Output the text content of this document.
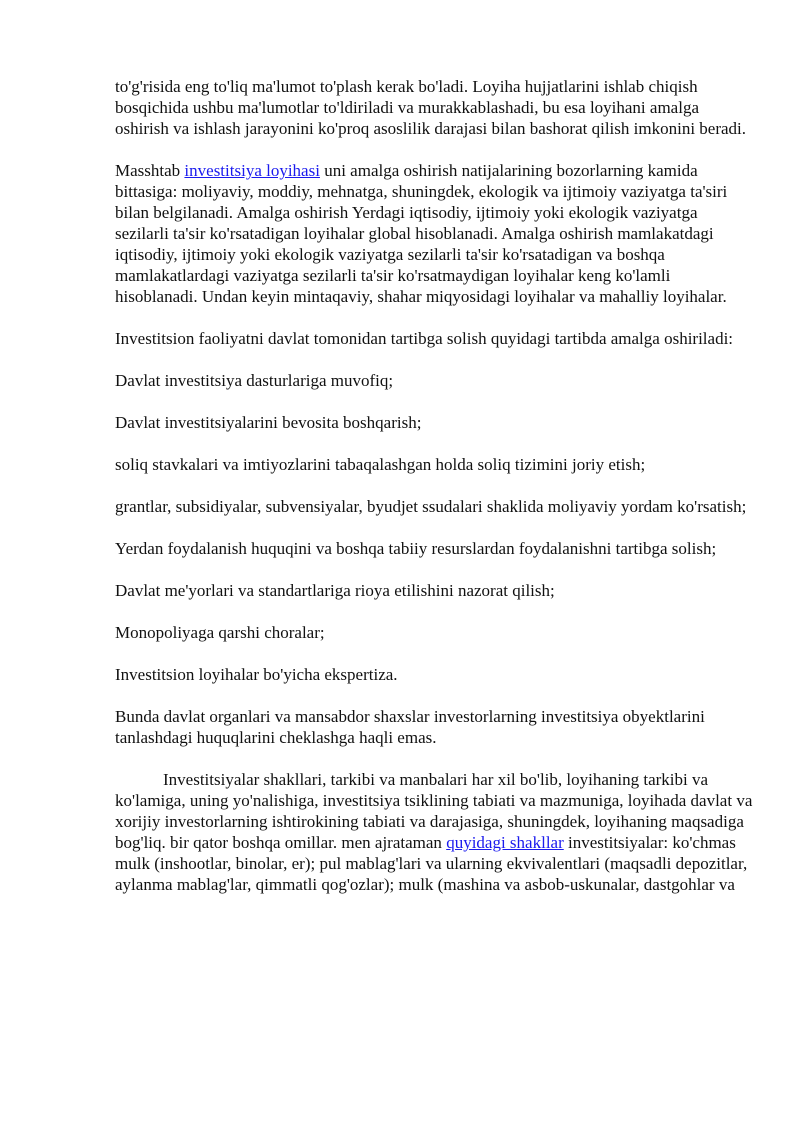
to'g'risida eng to'liq ma'lumot to'plash kerak bo'ladi. Loyiha hujjatlarini ishlab chiqish bosqichida ushbu ma'lumotlar to'ldiriladi va murakkablashadi, bu esa loyihani amalga oshirish va ishlash jarayonini ko'proq asoslilik darajasi bilan bashorat qilish imkonini beradi.

Masshtab investitsiya loyihasi uni amalga oshirish natijalarining bozorlarning kamida bittasiga: moliyaviy, moddiy, mehnatga, shuningdek, ekologik va ijtimoiy vaziyatga ta'siri bilan belgilanadi. Amalga oshirish Yerdagi iqtisodiy, ijtimoiy yoki ekologik vaziyatga sezilarli ta'sir ko'rsatadigan loyihalar global hisoblanadi. Amalga oshirish mamlakatdagi iqtisodiy, ijtimoiy yoki ekologik vaziyatga sezilarli ta'sir ko'rsatadigan va boshqa mamlakatlardagi vaziyatga sezilarli ta'sir ko'rsatmaydigan loyihalar keng ko'lamli hisoblanadi. Undan keyin mintaqaviy, shahar miqyosidagi loyihalar va mahalliy loyihalar.

Investitsion faoliyatni davlat tomonidan tartibga solish quyidagi tartibda amalga oshiriladi:

Davlat investitsiya dasturlariga muvofiq;

Davlat investitsiyalarini bevosita boshqarish;

soliq stavkalari va imtiyozlarini tabaqalashgan holda soliq tizimini joriy etish;

grantlar, subsidiyalar, subvensiyalar, byudjet ssudalari shaklida moliyaviy yordam ko'rsatish;

Yerdan foydalanish huquqini va boshqa tabiiy resurslardan foydalanishni tartibga solish;

Davlat me'yorlari va standartlariga rioya etilishini nazorat qilish;

Monopoliyaga qarshi choralar;

Investitsion loyihalar bo'yicha ekspertiza.

Bunda davlat organlari va mansabdor shaxslar investorlarning investitsiya obyektlarini tanlashdagi huquqlarini cheklashga haqli emas.

Investitsiyalar shakllari, tarkibi va manbalari har xil bo'lib, loyihaning tarkibi va ko'lamiga, uning yo'nalishiga, investitsiya tsiklining tabiati va mazmuniga, loyihada davlat va xorijiy investorlarning ishtirokining tabiati va darajasiga, shuningdek, loyihaning maqsadiga bog'liq. bir qator boshqa omillar. men ajrataman quyidagi shakllar investitsiyalar: ko'chmas mulk (inshootlar, binolar, er); pul mablag'lari va ularning ekvivalentlari (maqsadli depozitlar, aylanma mablag'lar, qimmatli qog'ozlar); mulk (mashina va asbob-uskunalar, dastgohlar va
